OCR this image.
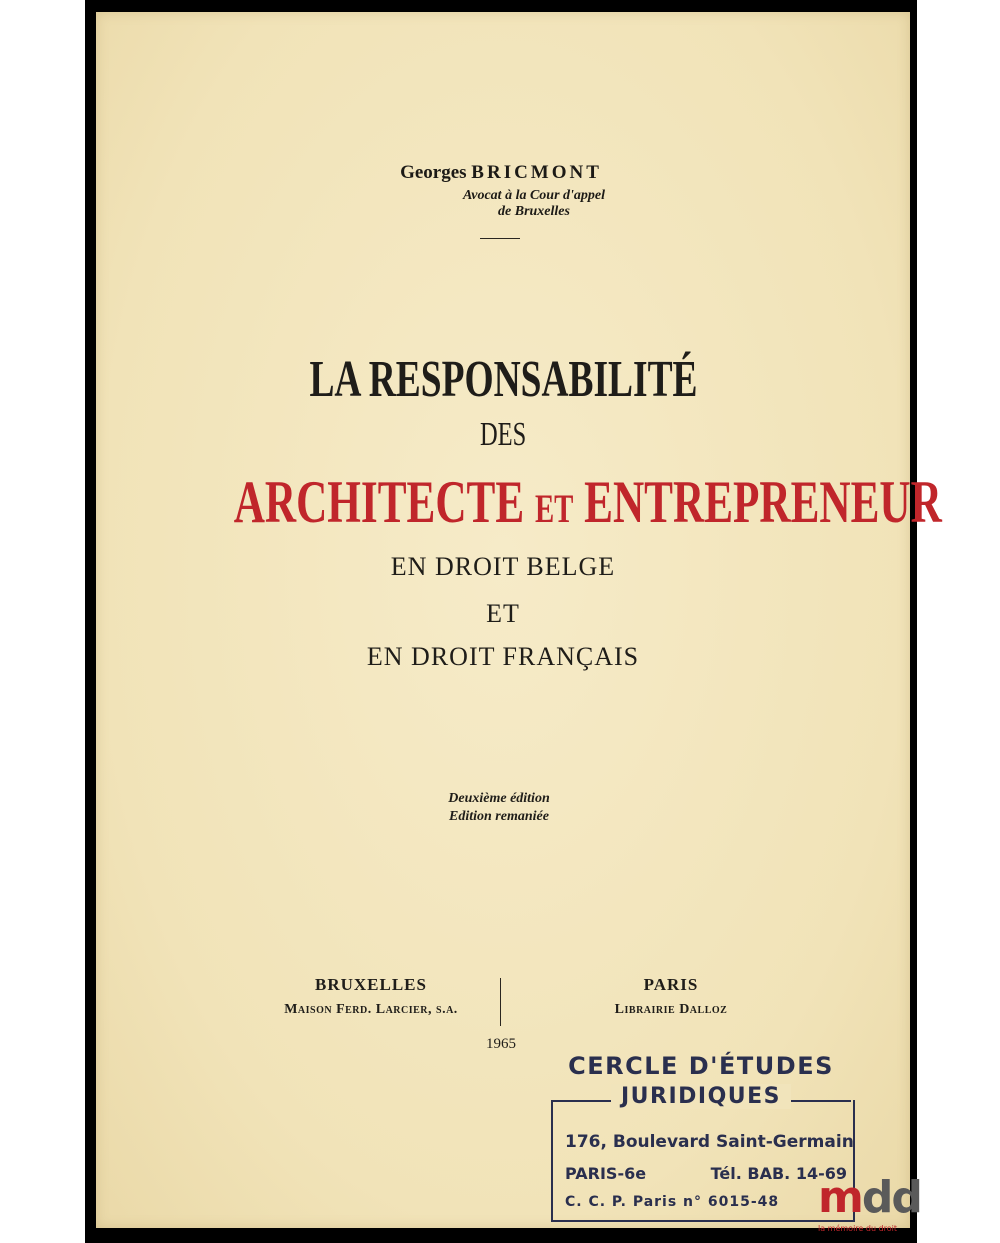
Georges BRICMONT
Avocat à la Cour d'appel
de Bruxelles
LA RESPONSABILITÉ
DES
ARCHITECTE ET ENTREPRENEUR
EN DROIT BELGE
ET
EN DROIT FRANÇAIS
Deuxième édition
Edition remaniée
BRUXELLES
Maison Ferd. Larcier, s.a.
PARIS
Librairie Dalloz
1965
CERCLE D'ÉTUDES
JURIDIQUES
176, Boulevard Saint-Germain
PARIS-6e	Tél. BAB. 14-69
C. C. P. Paris n° 6015-48 mdd
la mémoire du droit
